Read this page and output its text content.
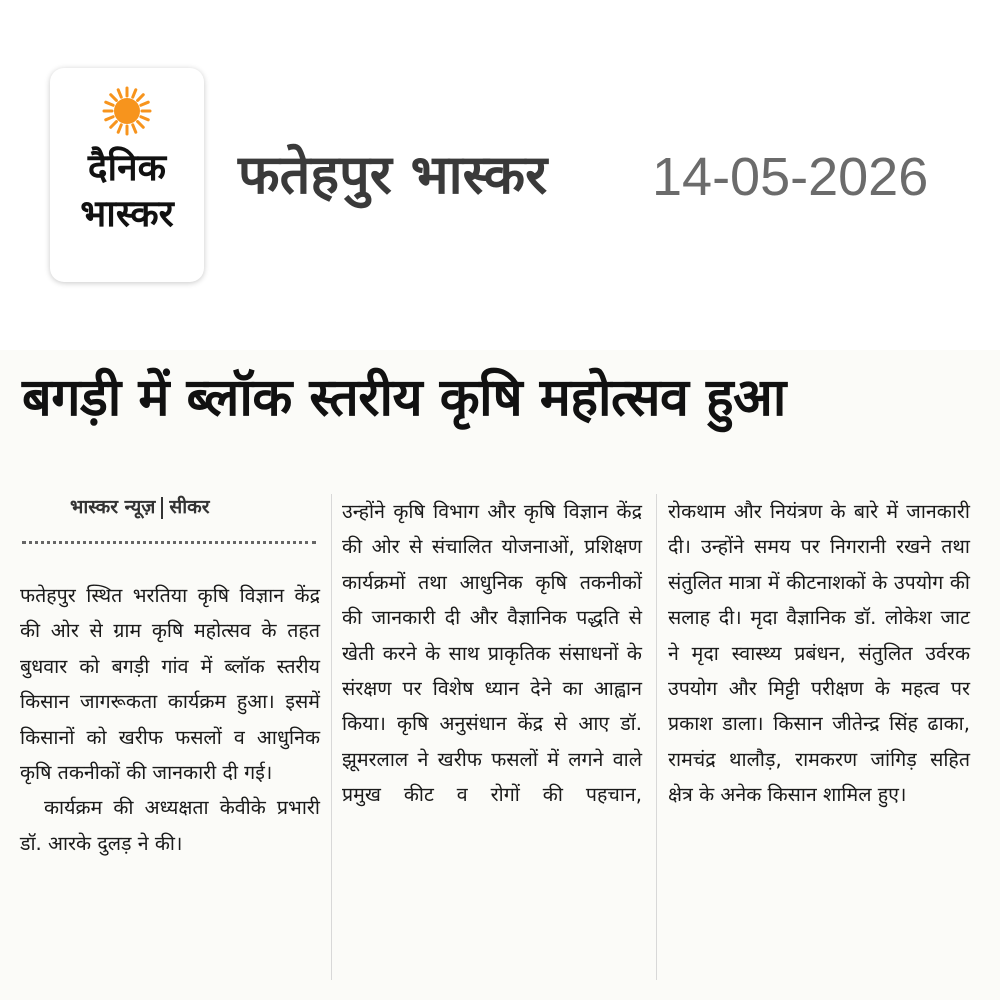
दैनिक
भास्कर
फतेहपुर भास्कर 14-05-2026
बगड़ी में ब्लॉक स्तरीय कृषि महोत्सव हुआ
भास्कर न्यूज़ सीकर

फतेहपुर स्थित भरतिया कृषि विज्ञान केंद्र की ओर से ग्राम कृषि महोत्सव के तहत बुधवार को बगड़ी गांव में ब्लॉक स्तरीय किसान जागरूकता कार्यक्रम हुआ। इसमें किसानों को खरीफ फसलों व आधुनिक कृषि तकनीकों की जानकारी दी गई।

कार्यक्रम की अध्यक्षता केवीके प्रभारी डॉ. आरके दुलड़ ने की।

उन्होंने कृषि विभाग और कृषि विज्ञान केंद्र की ओर से संचालित योजनाओं, प्रशिक्षण कार्यक्रमों तथा आधुनिक कृषि तकनीकों की जानकारी दी और वैज्ञानिक पद्धति से खेती करने के साथ प्राकृतिक संसाधनों के संरक्षण पर विशेष ध्यान देने का आह्वान किया। कृषि अनुसंधान केंद्र से आए डॉ. झूमरलाल ने खरीफ फसलों में लगने वाले प्रमुख कीट व रोगों की पहचान,

रोकथाम और नियंत्रण के बारे में जानकारी दी। उन्होंने समय पर निगरानी रखने तथा संतुलित मात्रा में कीटनाशकों के उपयोग की सलाह दी। मृदा वैज्ञानिक डॉ. लोकेश जाट ने मृदा स्वास्थ्य प्रबंधन, संतुलित उर्वरक उपयोग और मिट्टी परीक्षण के महत्व पर प्रकाश डाला। किसान जीतेन्द्र सिंह ढाका, रामचंद्र थालौड़, रामकरण जांगिड़ सहित क्षेत्र के अनेक किसान शामिल हुए।
